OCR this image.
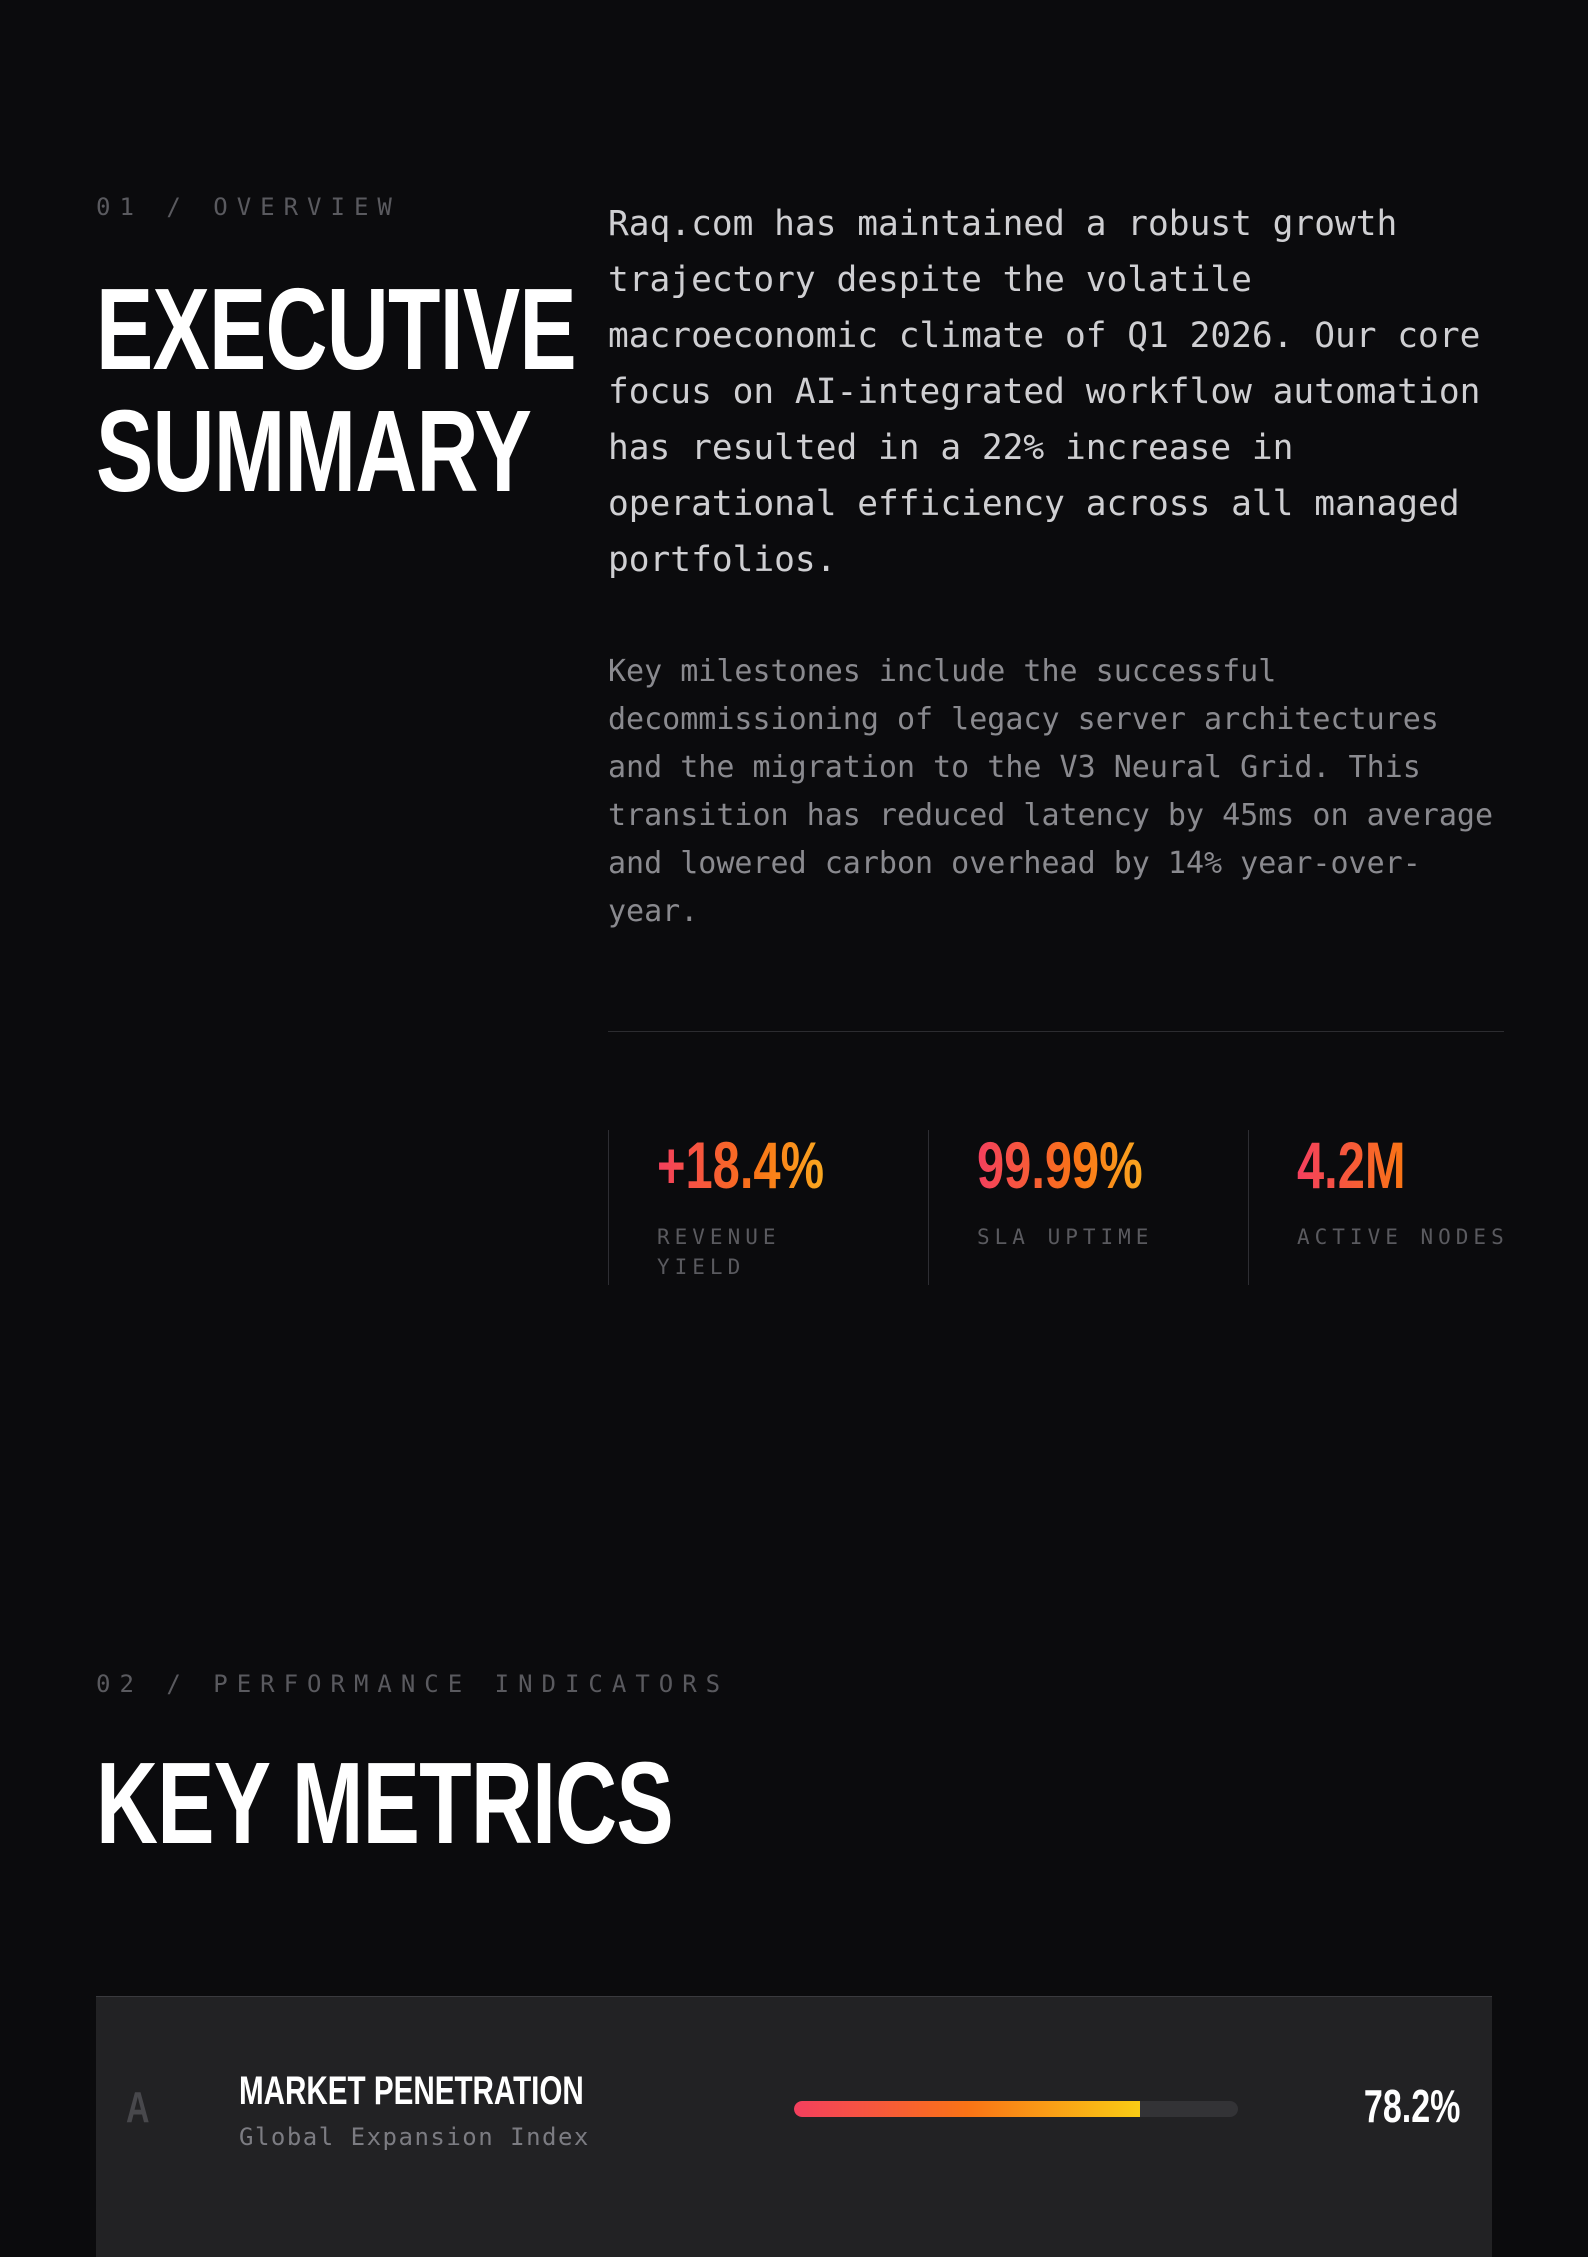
01 / OVERVIEW
EXECUTIVE
SUMMARY

Raq.com has maintained a robust growth trajectory despite the volatile macroeconomic climate of Q1 2026. Our core focus on AI-integrated workflow automation has resulted in a 22% increase in operational efficiency across all managed portfolios.

Key milestones include the successful decommissioning of legacy server architectures and the migration to the V3 Neural Grid. This transition has reduced latency by 45ms on average and lowered carbon overhead by 14% year-over-year.

+18.4%
REVENUE YIELD
99.99%
SLA UPTIME
4.2M
ACTIVE NODES
02 / PERFORMANCE INDICATORS
KEY METRICS
A MARKET PENETRATION
Global Expansion Index
78.2%
